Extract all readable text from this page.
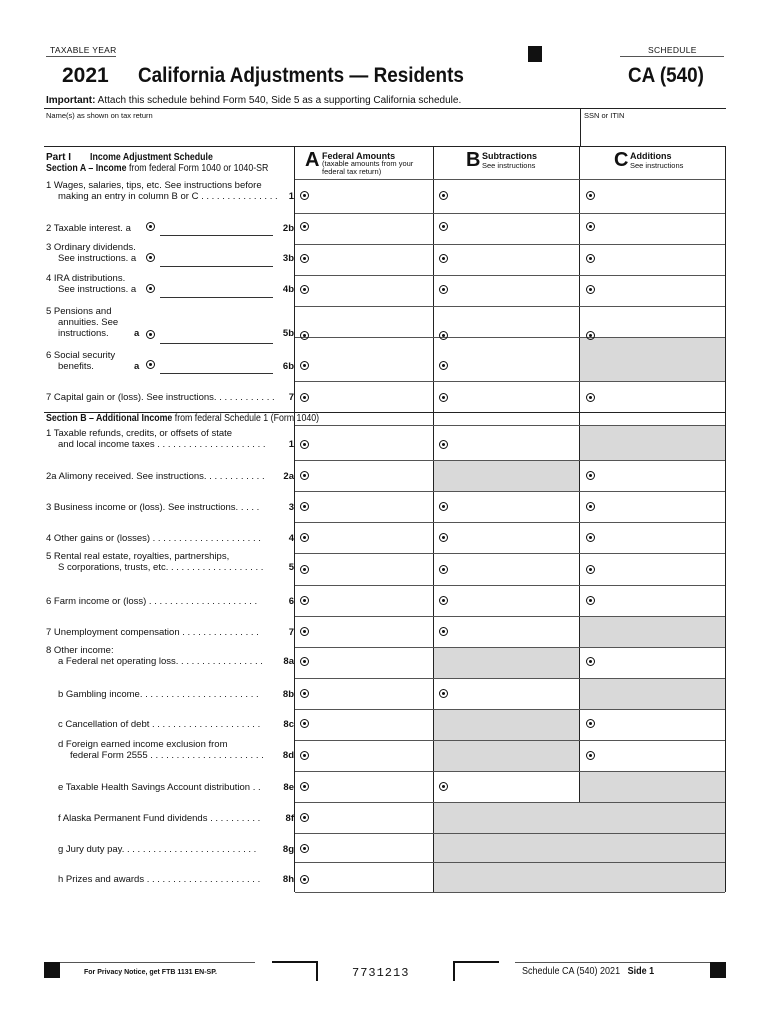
TAXABLE YEAR	SCHEDULE
2021 California Adjustments — Residents	CA (540)
Important: Attach this schedule behind Form 540, Side 5 as a supporting California schedule.
Name(s) as shown on tax return	SSN or ITIN
Part I Income Adjustment Schedule
Section A – Income from federal Form 1040 or 1040-SR A Federal Amounts
(taxable amounts from your federal tax return)
B Subtractions
See instructions	C Additions
See instructions
1 Wages, salaries, tips, etc. See instructions before
making an entry in column B or C . . . . . . . . . . . . . . . 1
2 Taxable interest. a	2b
3 Ordinary dividends.
See instructions. a	3b
4 IRA distributions.
See instructions. a	4b
5 Pensions and
annuities. See
instructions.	a	5b
6 Social security
benefits.	a	6b
7 Capital gain or (loss). See instructions. . . . . . . . . . . . 7
Section B – Additional Income from federal Schedule 1 (Form 1040)
1 Taxable refunds, credits, or offsets of state
and local income taxes . . . . . . . . . . . . . . . . . . . . . 1
2a Alimony received. See instructions. . . . . . . . . . . . 2a
3 Business income or (loss). See instructions. . . . .	3
4 Other gains or (losses) . . . . . . . . . . . . . . . . . . . . .	4
5 Rental real estate, royalties, partnerships,
S corporations, trusts, etc. . . . . . . . . . . . . . . . . . .	5
6 Farm income or (loss) . . . . . . . . . . . . . . . . . . . . .	6
7 Unemployment compensation . . . . . . . . . . . . . . .	7
8 Other income:
a Federal net operating loss. . . . . . . . . . . . . . . . . 8a
b Gambling income. . . . . . . . . . . . . . . . . . . . . . .	8b
c Cancellation of debt . . . . . . . . . . . . . . . . . . . . . 8c
d Foreign earned income exclusion from
federal Form 2555 . . . . . . . . . . . . . . . . . . . . . . 8d
e Taxable Health Savings Account distribution . . 8e
f Alaska Permanent Fund dividends . . . . . . . . . .	8f
g Jury duty pay. . . . . . . . . . . . . . . . . . . . . . . . . .	8g
h Prizes and awards . . . . . . . . . . . . . . . . . . . . . . 8h
For Privacy Notice, get FTB 1131 EN-SP.	7731213	Schedule CA (540) 2021 Side 1
